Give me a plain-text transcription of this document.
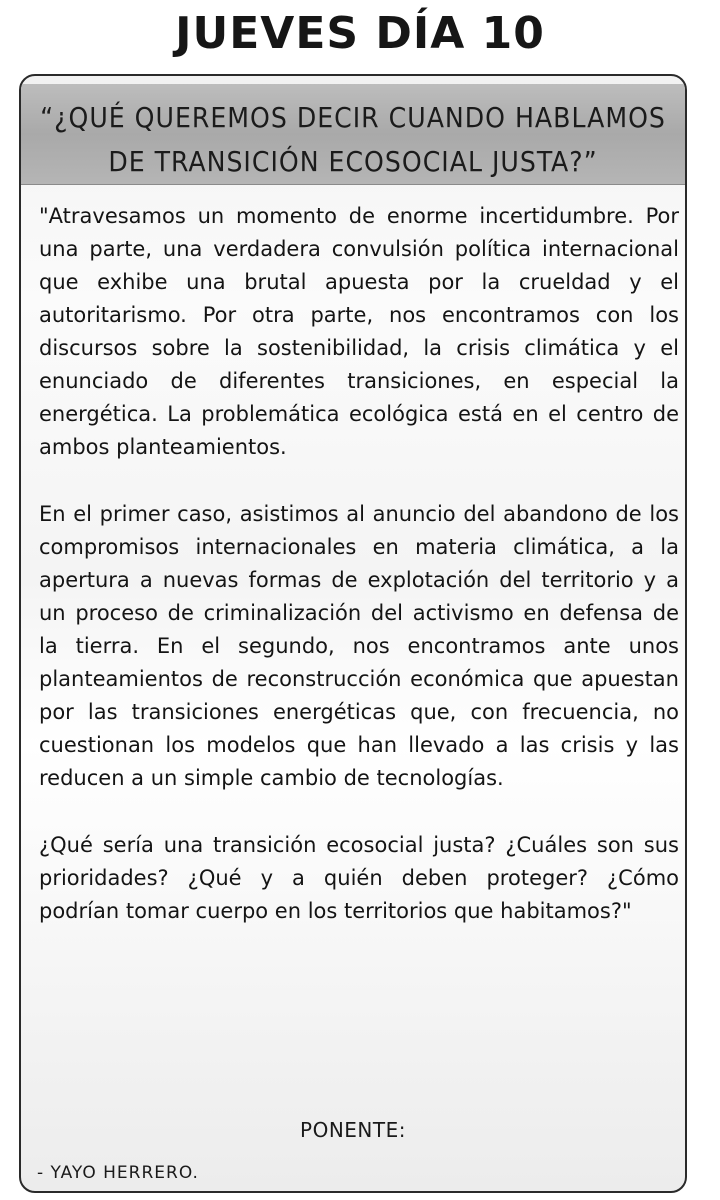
JUEVES DÍA 10

“¿QUÉ QUEREMOS DECIR CUANDO HABLAMOS
DE TRANSICIÓN ECOSOCIAL JUSTA?”

"Atravesamos un momento de enorme incertidumbre. Por una parte, una verdadera convulsión política internacional que exhibe una brutal apuesta por la crueldad y el autoritarismo. Por otra parte, nos encontramos con los discursos sobre la sostenibilidad, la crisis climática y el enunciado de diferentes transiciones, en especial la energética. La problemática ecológica está en el centro de ambos planteamientos.

En el primer caso, asistimos al anuncio del abandono de los compromisos internacionales en materia climática, a la apertura a nuevas formas de explotación del territorio y a un proceso de criminalización del activismo en defensa de la tierra. En el segundo, nos encontramos ante unos planteamientos de reconstrucción económica que apuestan por las transiciones energéticas que, con frecuencia, no cuestionan los modelos que han llevado a las crisis y las reducen a un simple cambio de tecnologías.

¿Qué sería una transición ecosocial justa? ¿Cuáles son sus prioridades? ¿Qué y a quién deben proteger? ¿Cómo podrían tomar cuerpo en los territorios que habitamos?"

PONENTE:
- YAYO HERRERO.
